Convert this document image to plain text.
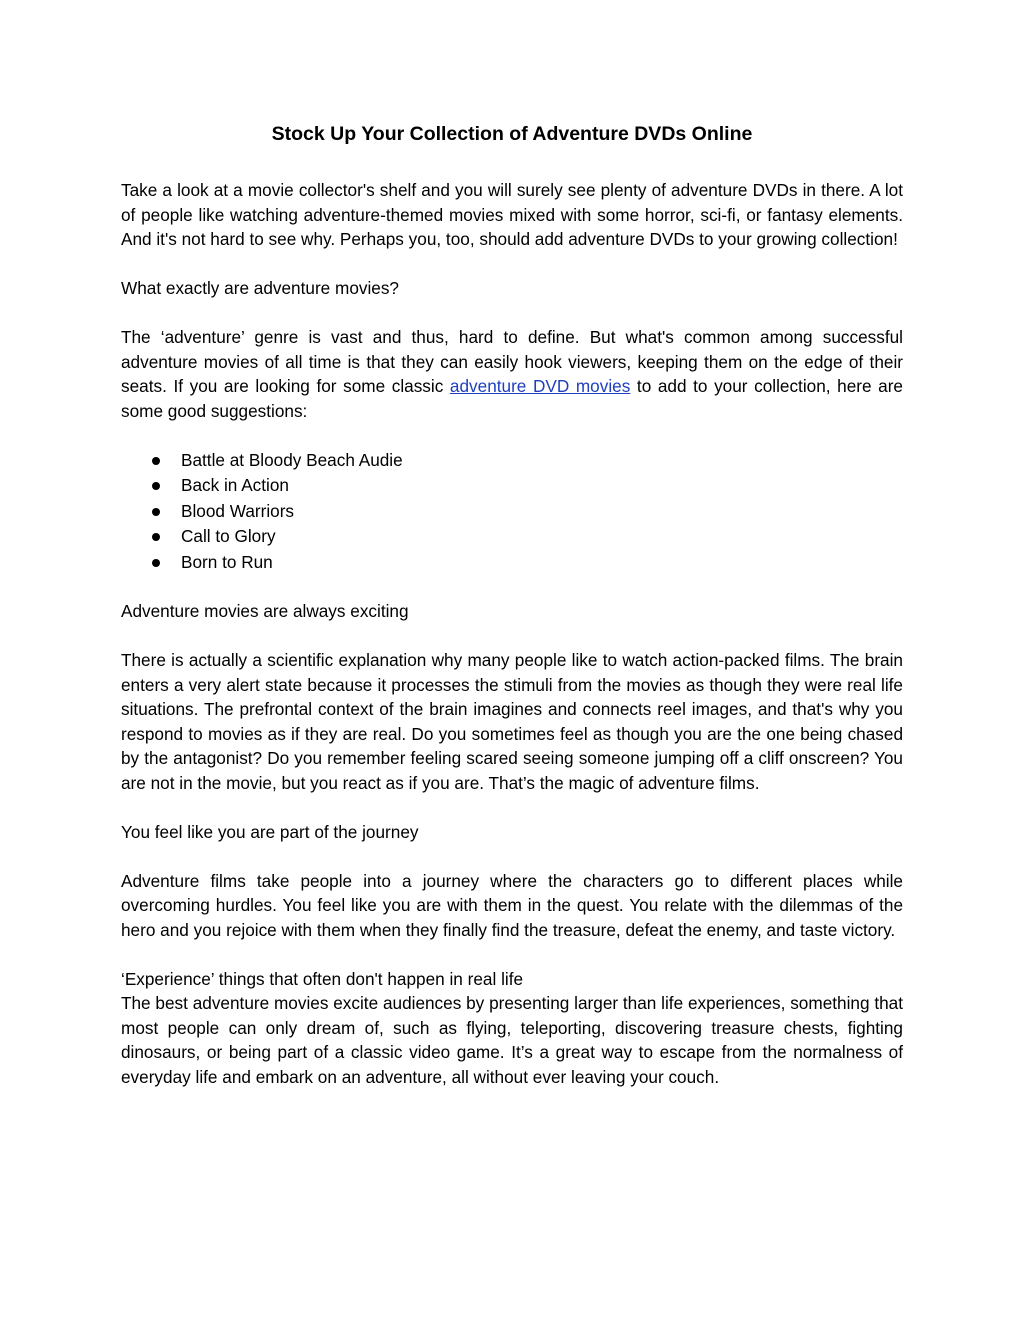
Stock Up Your Collection of Adventure DVDs Online

Take a look at a movie collector's shelf and you will surely see plenty of adventure DVDs in there. A lot of people like watching adventure-themed movies mixed with some horror, sci-fi, or fantasy elements. And it's not hard to see why. Perhaps you, too, should add adventure DVDs to your growing collection!

What exactly are adventure movies?

The ‘adventure’ genre is vast and thus, hard to define. But what's common among successful adventure movies of all time is that they can easily hook viewers, keeping them on the edge of their seats. If you are looking for some classic adventure DVD movies to add to your collection, here are some good suggestions:

Battle at Bloody Beach Audie
Back in Action
Blood Warriors
Call to Glory
Born to Run

Adventure movies are always exciting

There is actually a scientific explanation why many people like to watch action-packed films. The brain enters a very alert state because it processes the stimuli from the movies as though they were real life situations. The prefrontal context of the brain imagines and connects reel images, and that's why you respond to movies as if they are real. Do you sometimes feel as though you are the one being chased by the antagonist? Do you remember feeling scared seeing someone jumping off a cliff onscreen? You are not in the movie, but you react as if you are. That’s the magic of adventure films.

You feel like you are part of the journey

Adventure films take people into a journey where the characters go to different places while overcoming hurdles. You feel like you are with them in the quest. You relate with the dilemmas of the hero and you rejoice with them when they finally find the treasure, defeat the enemy, and taste victory.

‘Experience’ things that often don't happen in real life

The best adventure movies excite audiences by presenting larger than life experiences, something that most people can only dream of, such as flying, teleporting, discovering treasure chests, fighting dinosaurs, or being part of a classic video game. It’s a great way to escape from the normalness of everyday life and embark on an adventure, all without ever leaving your couch.
